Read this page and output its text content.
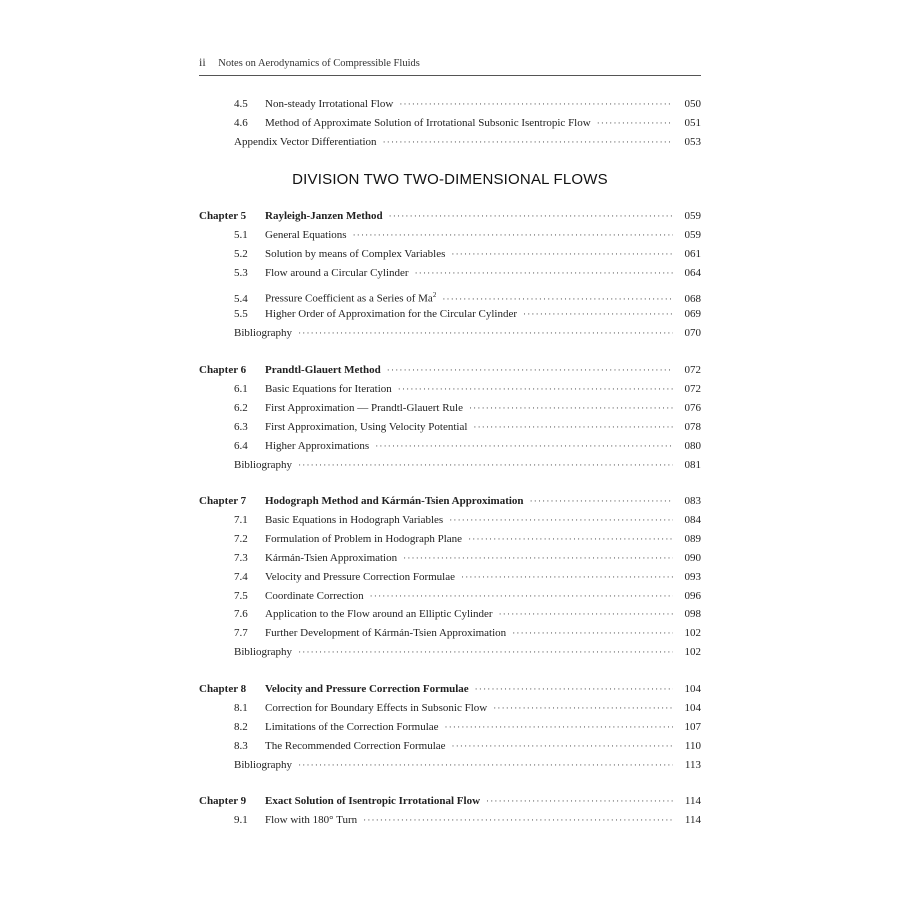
ii Notes on Aerodynamics of Compressible Fluids
4.5	Non-steady Irrotational Flow ·····	050
4.6	Method of Approximate Solution of Irrotational Subsonic Isentropic Flow ·····	051
Appendix Vector Differentiation ·····	053
Chapter 5	Rayleigh-Janzen Method ·····	059
5.1	General Equations ·····	059
5.2	Solution by means of Complex Variables ·····	061
5.3	Flow around a Circular Cylinder ·····	064
5.4	Pressure Coefficient as a Series of $Ma^2$ ·····	068
5.5	Higher Order of Approximation for the Circular Cylinder ·····	069
Bibliography ·····	070
Chapter 6	Prandtl-Glauert Method ·····	072
6.1	Basic Equations for Iteration ·····	072
6.2	First Approximation — Prandtl-Glauert Rule ·····	076
6.3	First Approximation, Using Velocity Potential ·····	078
6.4	Higher Approximations ·····	080
Bibliography ·····	081
Chapter 7	Hodograph Method and Kármán-Tsien Approximation ·····	083
7.1	Basic Equations in Hodograph Variables ·····	084
7.2	Formulation of Problem in Hodograph Plane ·····	089
7.3	Kármán-Tsien Approximation ·····	090
7.4	Velocity and Pressure Correction Formulae ·····	093
7.5	Coordinate Correction ·····	096
7.6	Application to the Flow around an Elliptic Cylinder ·····	098
7.7	Further Development of Kármán-Tsien Approximation ·····	102
Bibliography ·····	102
Chapter 8	Velocity and Pressure Correction Formulae ·····	104
8.1	Correction for Boundary Effects in Subsonic Flow ·····	104
8.2	Limitations of the Correction Formulae ·····	107
8.3	The Recommended Correction Formulae ·····	110
Bibliography ·····	113
Chapter 9	Exact Solution of Isentropic Irrotational Flow ·····	114
9.1	Flow with 180° Turn ·····	114
DIVISION TWO TWO-DIMENSIONAL FLOWS
